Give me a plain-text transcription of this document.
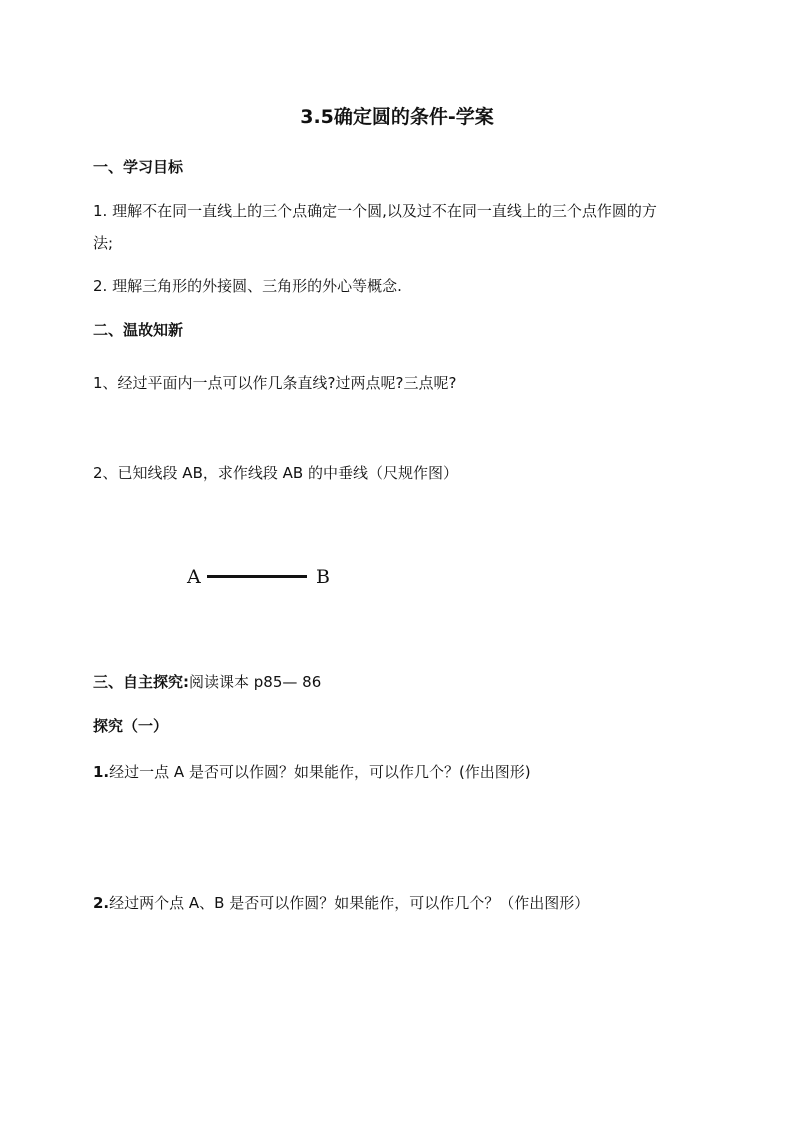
3.5确定圆的条件-学案
一、学习目标
1. 理解不在同一直线上的三个点确定一个圆,以及过不在同一直线上的三个点作圆的方
法;
2. 理解三角形的外接圆、三角形的外心等概念.
二、温故知新
1、经过平面内一点可以作几条直线?过两点呢?三点呢?
2、已知线段 AB，求作线段 AB 的中垂线（尺规作图）
A	B
三、自主探究:阅读课本 p85— 86
探究（一）
1.经过一点 A 是否可以作圆？如果能作，可以作几个？(作出图形)
2.经过两个点 A、B 是否可以作圆？如果能作，可以作几个？（作出图形）
